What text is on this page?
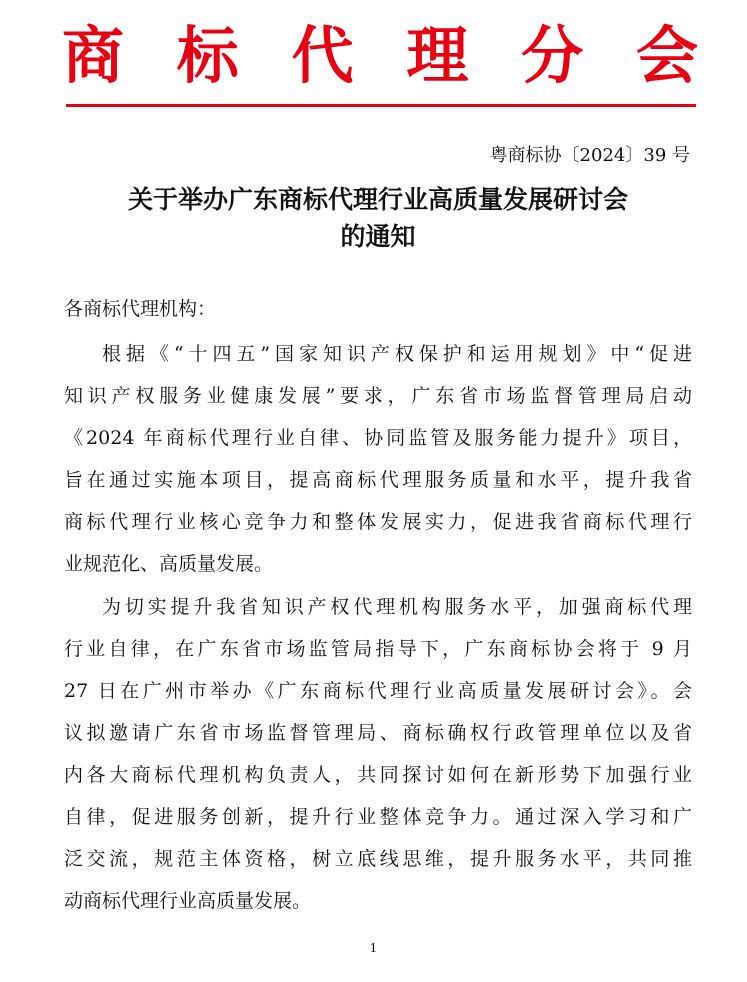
商 标 代 理 分 会
粤商标协〔2024〕39 号
关于举办广东商标代理行业高质量发展研讨会
的通知
各商标代理机构：
根据《“十四五”国家知识产权保护和运用规划》中“促进
知识产权服务业健康发展”要求，广东省市场监督管理局启动
《2024 年商标代理行业自律、协同监管及服务能力提升》项目，
旨在通过实施本项目，提高商标代理服务质量和水平，提升我省
商标代理行业核心竞争力和整体发展实力，促进我省商标代理行
业规范化、高质量发展。
为切实提升我省知识产权代理机构服务水平，加强商标代理
行业自律，在广东省市场监管局指导下，广东商标协会将于 9 月
27 日在广州市举办《广东商标代理行业高质量发展研讨会》。会
议拟邀请广东省市场监督管理局、商标确权行政管理单位以及省
内各大商标代理机构负责人，共同探讨如何在新形势下加强行业
自律，促进服务创新，提升行业整体竞争力。通过深入学习和广
泛交流，规范主体资格，树立底线思维，提升服务水平，共同推
动商标代理行业高质量发展。
1
